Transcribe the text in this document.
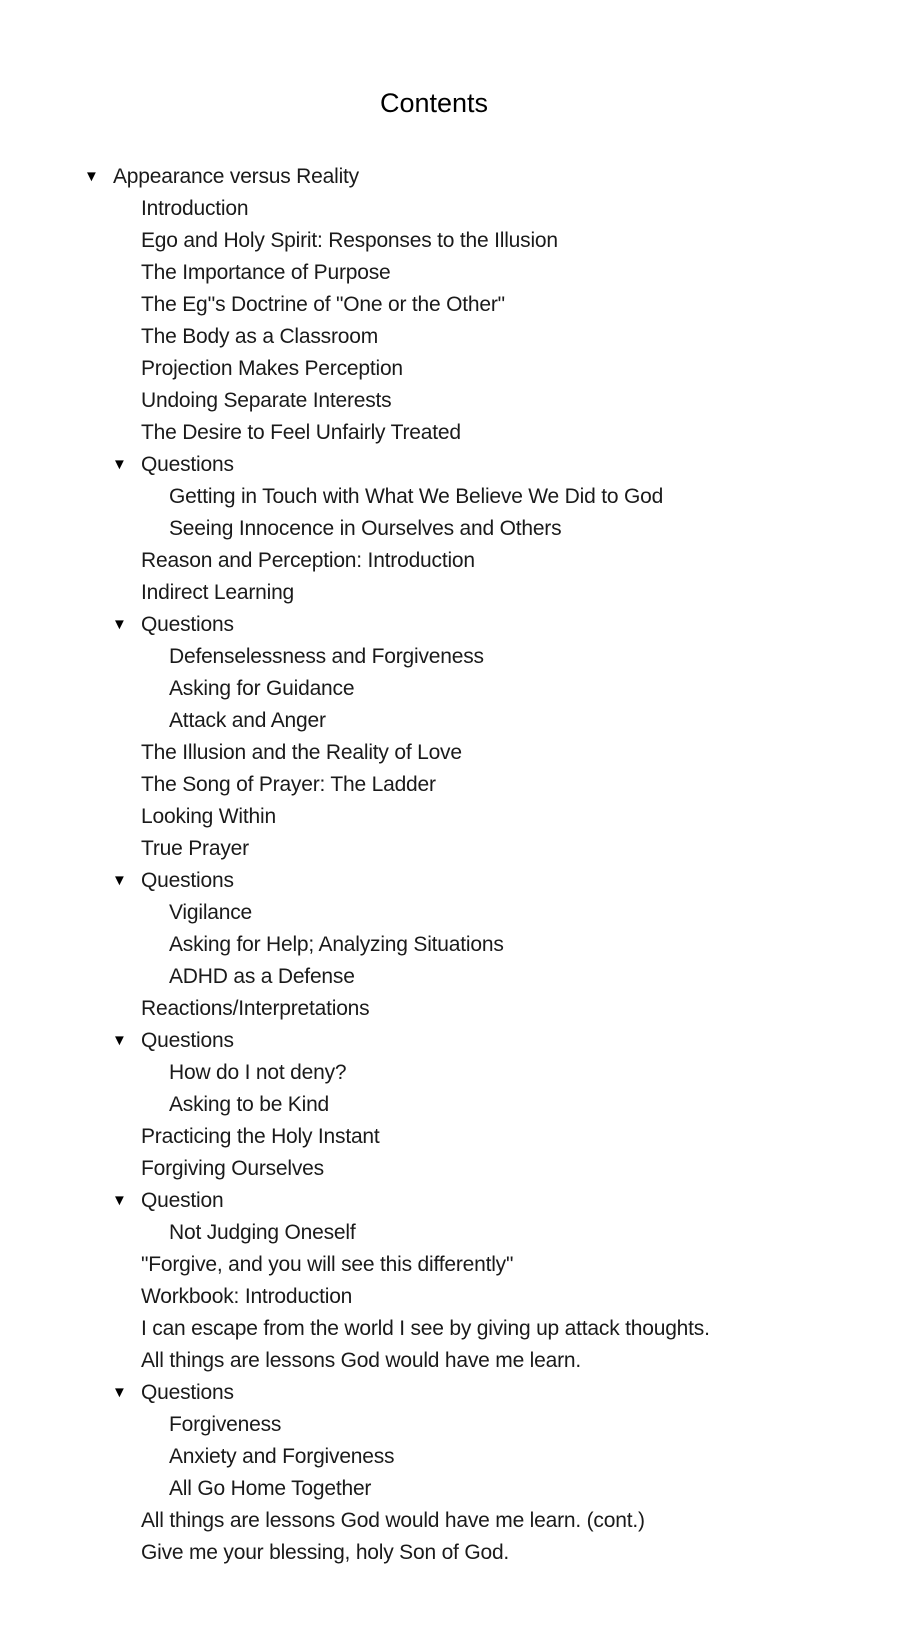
Contents
▼ Appearance versus Reality
Introduction
Ego and Holy Spirit: Responses to the Illusion
The Importance of Purpose
The Eg''s Doctrine of "One or the Other"
The Body as a Classroom
Projection Makes Perception
Undoing Separate Interests
The Desire to Feel Unfairly Treated
▼ Questions
Getting in Touch with What We Believe We Did to God
Seeing Innocence in Ourselves and Others
Reason and Perception: Introduction
Indirect Learning
▼ Questions
Defenselessness and Forgiveness
Asking for Guidance
Attack and Anger
The Illusion and the Reality of Love
The Song of Prayer: The Ladder
Looking Within
True Prayer
▼ Questions
Vigilance
Asking for Help; Analyzing Situations
ADHD as a Defense
Reactions/Interpretations
▼ Questions
How do I not deny?
Asking to be Kind
Practicing the Holy Instant
Forgiving Ourselves
▼ Question
Not Judging Oneself
"Forgive, and you will see this differently"
Workbook: Introduction
I can escape from the world I see by giving up attack thoughts.
All things are lessons God would have me learn.
▼ Questions
Forgiveness
Anxiety and Forgiveness
All Go Home Together
All things are lessons God would have me learn. (cont.)
Give me your blessing, holy Son of God.
